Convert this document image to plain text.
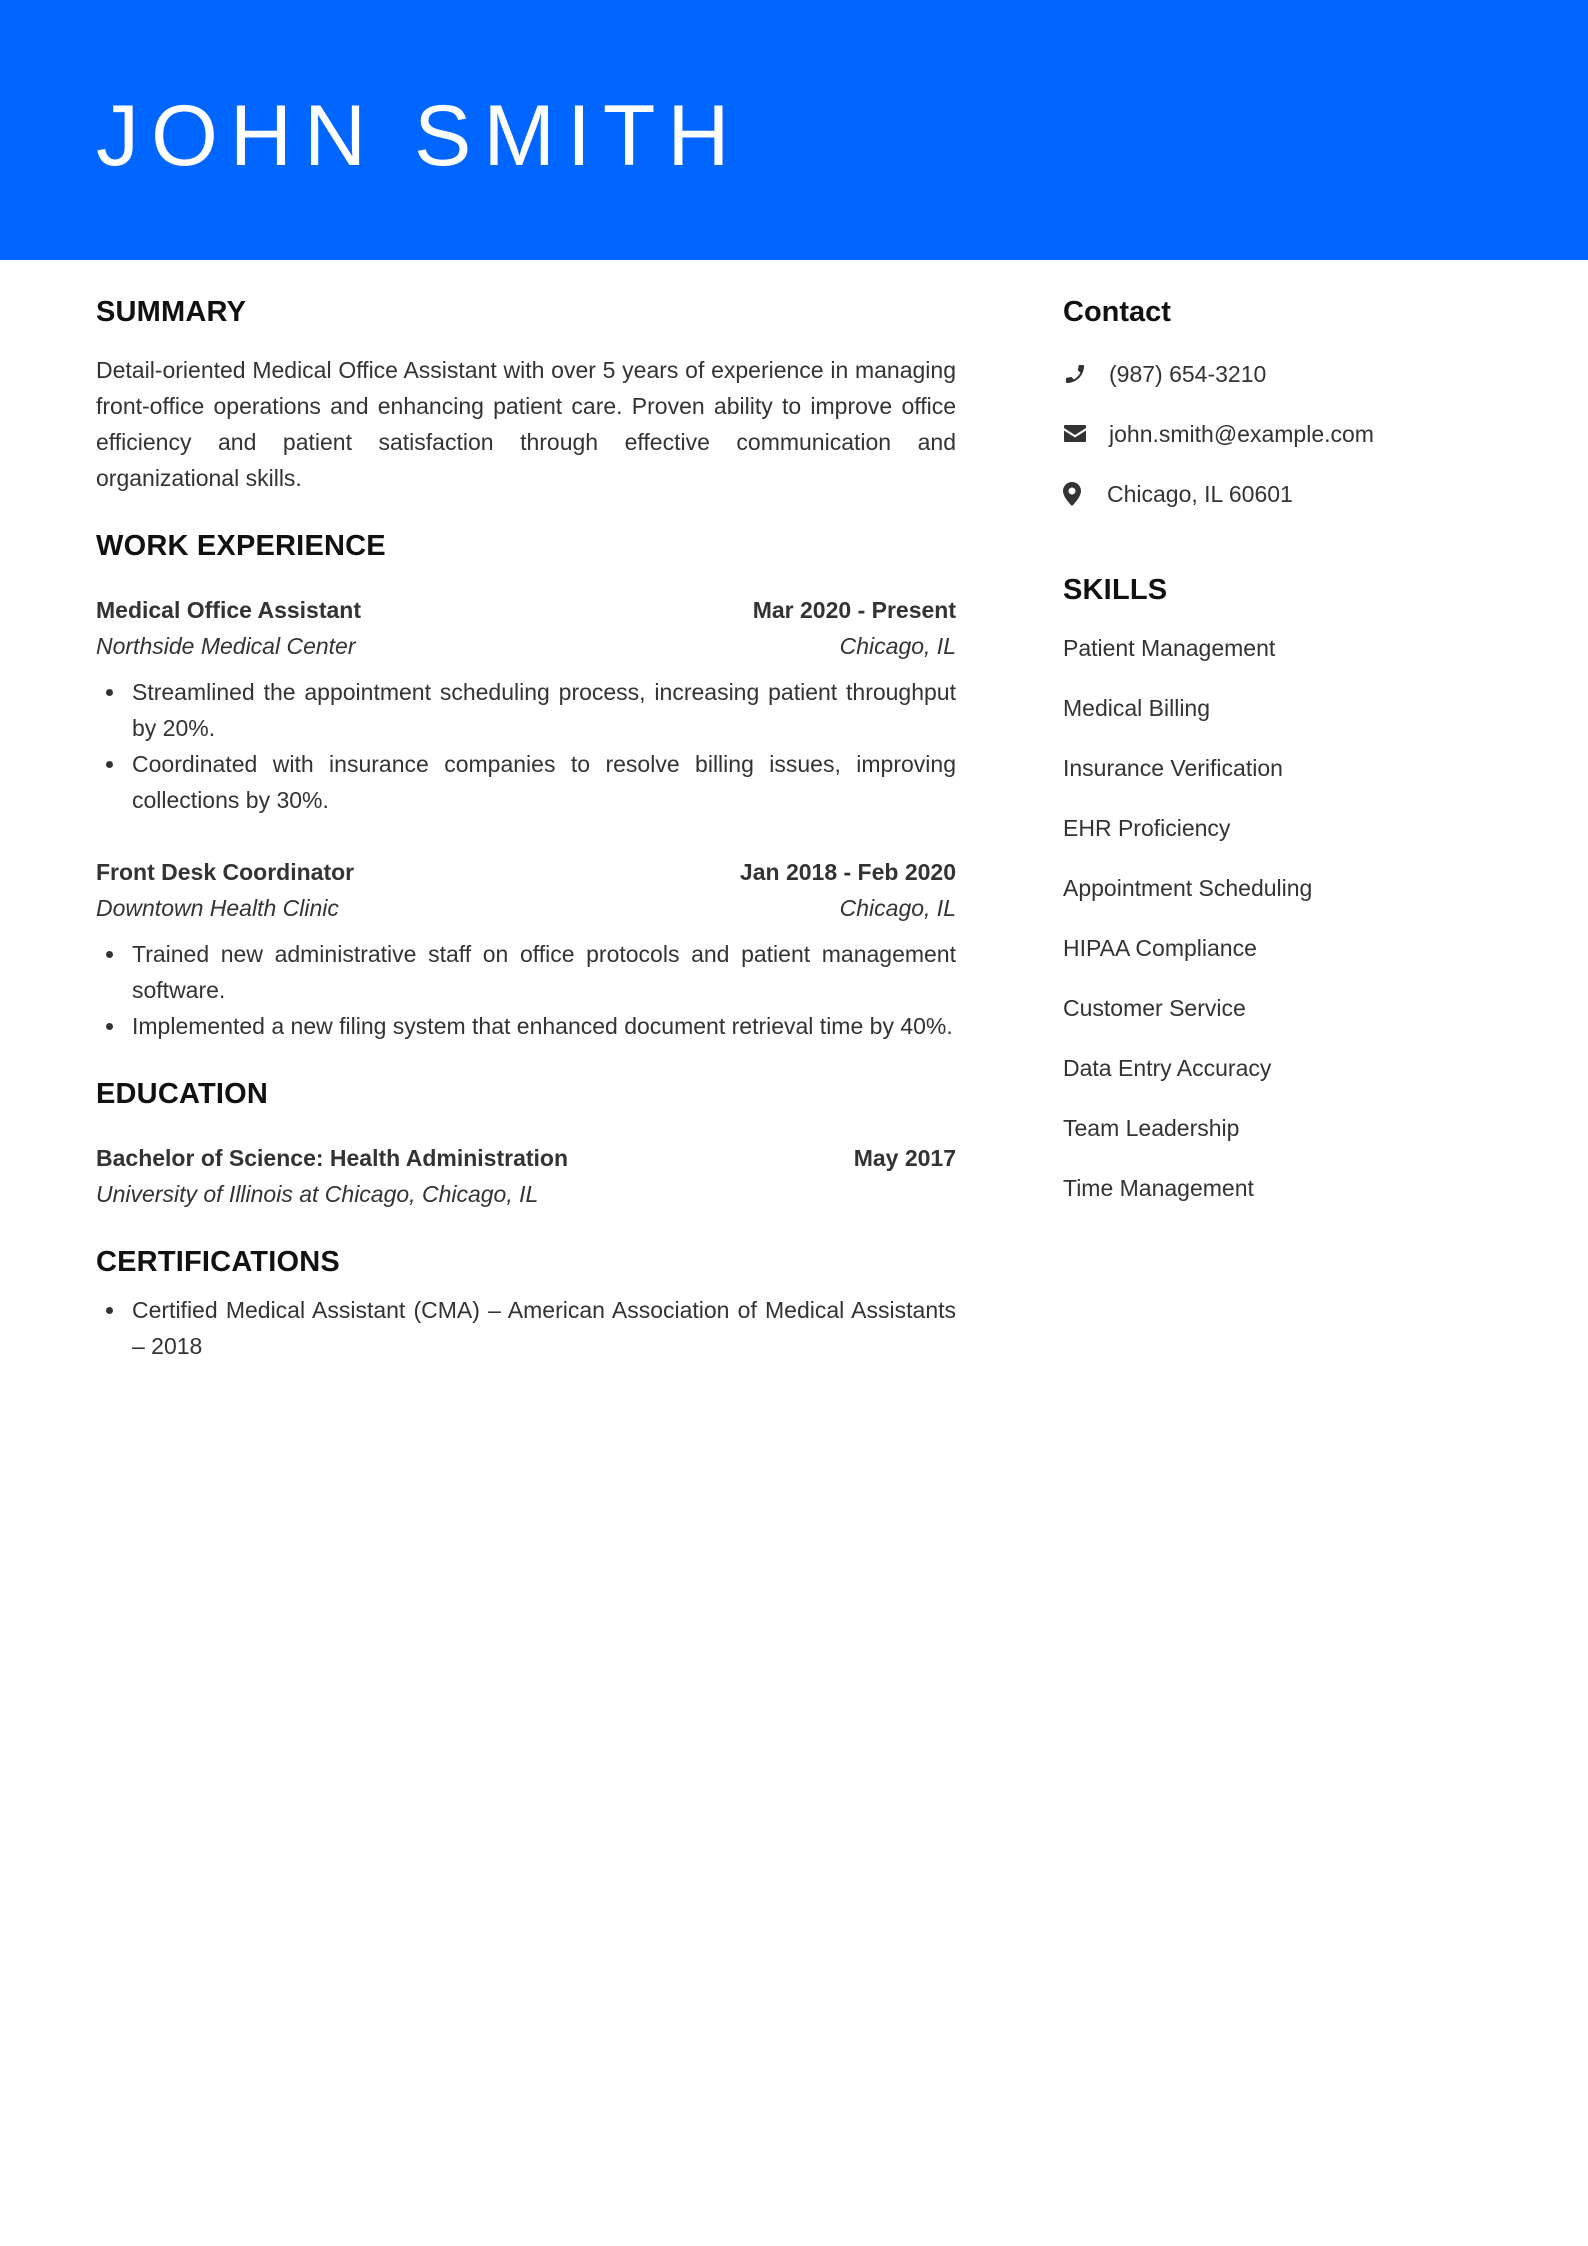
JOHN SMITH
SUMMARY

Detail-oriented Medical Office Assistant with over 5 years of experience in managing front-office operations and enhancing patient care. Proven ability to improve office efficiency and patient satisfaction through effective communication and organizational skills.

WORK EXPERIENCE
Medical Office Assistant	Mar 2020 - Present
Northside Medical Center	Chicago, IL
Streamlined the appointment scheduling process, increasing patient throughput by 20%.
Coordinated with insurance companies to resolve billing issues, improving collections by 30%.
Front Desk Coordinator	Jan 2018 - Feb 2020
Downtown Health Clinic	Chicago, IL
Trained new administrative staff on office protocols and patient management software.
Implemented a new filing system that enhanced document retrieval time by 40%.
EDUCATION
Bachelor of Science: Health Administration	May 2017
University of Illinois at Chicago, Chicago, IL
CERTIFICATIONS
Certified Medical Assistant (CMA) – American Association of Medical Assistants – 2018
Contact
(987) 654-3210
john.smith@example.com
Chicago, IL 60601
SKILLS
Patient Management
Medical Billing
Insurance Verification
EHR Proficiency
Appointment Scheduling
HIPAA Compliance
Customer Service
Data Entry Accuracy
Team Leadership
Time Management
